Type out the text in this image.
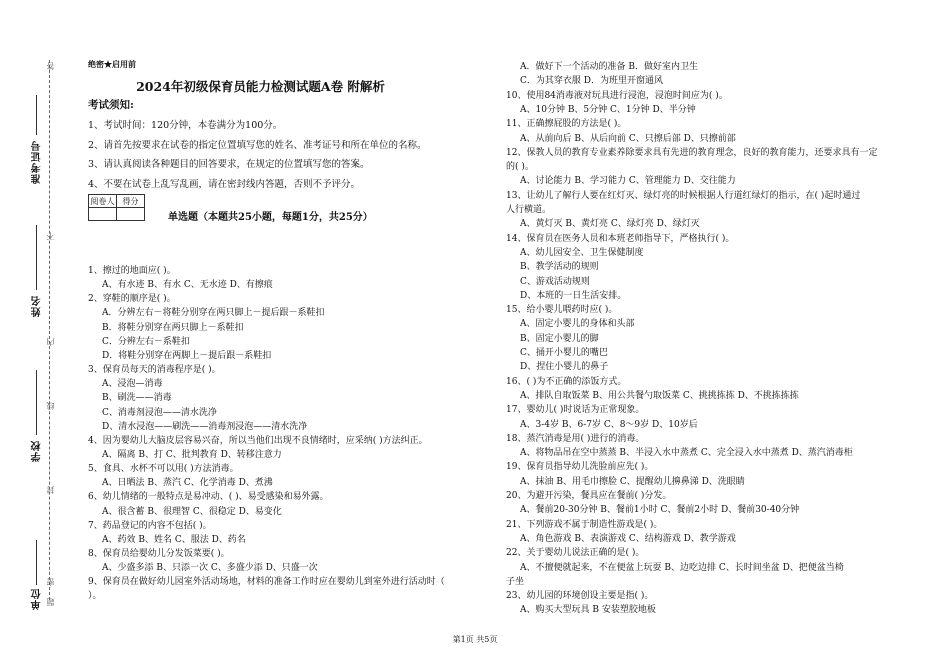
准考证号
姓名
学校
单位
答
不
内
线
封
密
题
绝密★启用前
2024年初级保育员能力检测试题A卷 附解析
考试须知:
1、考试时间：120分钟，本卷满分为100分。
2、请首先按要求在试卷的指定位置填写您的姓名、准考证号和所在单位的名称。
3、请认真阅读各种题目的回答要求，在规定的位置填写您的答案。
4、不要在试卷上乱写乱画，请在密封线内答题，否则不予评分。
阅卷人	得分

单选题（本题共25小题，每题1分，共25分）
1、擦过的地面应( )。
A、有水迹 B、有水 C、无水迹 D、有擦痕
2、穿鞋的顺序是( )。
A．分辨左右－将鞋分别穿在两只脚上－提后跟－系鞋扣
B．将鞋分别穿在两只脚上－系鞋扣
C．分辨左右－系鞋扣
D．将鞋分别穿在两脚上－提后跟－系鞋扣
3、保育员每天的消毒程序是( )。
A、浸泡—消毒
B、刷洗——消毒
C、消毒剂浸泡——清水洗净
D、清水浸泡——刷洗——消毒剂浸泡——清水洗净
4、因为婴幼儿大脑皮层容易兴奋，所以当他们出现不良情绪时，应采纳( )方法纠正。
A、隔离 B、打 C、批判教育 D、转移注意力
5、食具、水杯不可以用( )方法消毒。
A、日晒法 B、蒸汽 C、化学消毒 D、煮沸
6、幼儿情绪的一般特点是易冲动、( )、易受感染和易外露。
A、很含蓄 B、很理智 C、很稳定 D、易变化
7、药品登记的内容不包括( )。
A、药效 B、姓名 C、服法 D、药名
8、保育员给婴幼儿分发饭菜要( )。
A、少盛多添 B、只添一次 C、多盛少添 D、只盛一次
9、保育员在做好幼儿园室外活动场地，材料的准备工作时应在婴幼儿到室外进行活动时（
）。
A．做好下一个活动的准备 B．做好室内卫生
C．为其穿衣服 D．为班里开窗通风
10、使用84消毒液对玩具进行浸泡，浸泡时间应为( )。
A、10分钟 B、5分钟 C、1分钟 D、半分钟
11、正确擦屁股的方法是( )。
A、从前向后 B、从后向前 C、只擦后部 D、只擦前部
12、保教人员的教育专业素养除要求具有先进的教育理念，良好的教育能力，还要求具有一定
的( )。
A、讨论能力 B、学习能力 C、管理能力 D、交往能力
13、让幼儿了解行人要在红灯灭、绿灯亮的时候根据人行道红绿灯的指示，在( )起时通过
人行横道。
A、黄灯灭 B、黄灯亮 C、绿灯亮 D、绿灯灭
14、保育员在医务人员和本班老师指导下，严格执行( )。
A、幼儿园安全、卫生保健制度
B、教学活动的规则
C、游戏活动规则
D、本班的一日生活安排。
15、给小婴儿喂药时应( )。
A、固定小婴儿的身体和头部
B、固定小婴儿的脚
C、捅开小婴儿的嘴巴
D、捏住小婴儿的鼻子
16、( )为不正确的添饭方式。
A、排队自取饭菜 B、用公共餐勺取饭菜 C、挑挑拣拣 D、不挑拣拣拣
17、婴幼儿( )时说话为正常现象。
A、3-4岁 B、6-7岁 C、8～9岁 D、10岁后
18、蒸汽消毒是用( )进行的消毒。
A、将物品吊在空中蒸蒸 B、半浸入水中蒸煮 C、完全浸入水中蒸煮 D、蒸汽消毒柜
19、保育员指导幼儿洗脸前应先( )。
A、抹油 B、用毛巾擦脸 C、提醒幼儿擤鼻涕 D、洗眼睛
20、为避开污染，餐具应在餐前( )分发。
A、餐前20-30分钟 B、餐前1小时 C、餐前2小时 D、餐前30-40分钟
21、下列游戏不属于制造性游戏是( )。
A、角色游戏 B、表演游戏 C、结构游戏 D、教学游戏
22、关于婴幼儿说法正确的是( )。
A、不擅便就起来，不在便盆上玩耍 B、边吃边排 C、长时间坐盆 D、把便盆当椅
子坐
23、幼儿园的环境创设主要是指( )。
A、购买大型玩具 B 安装塑胶地板
第1页 共5页
